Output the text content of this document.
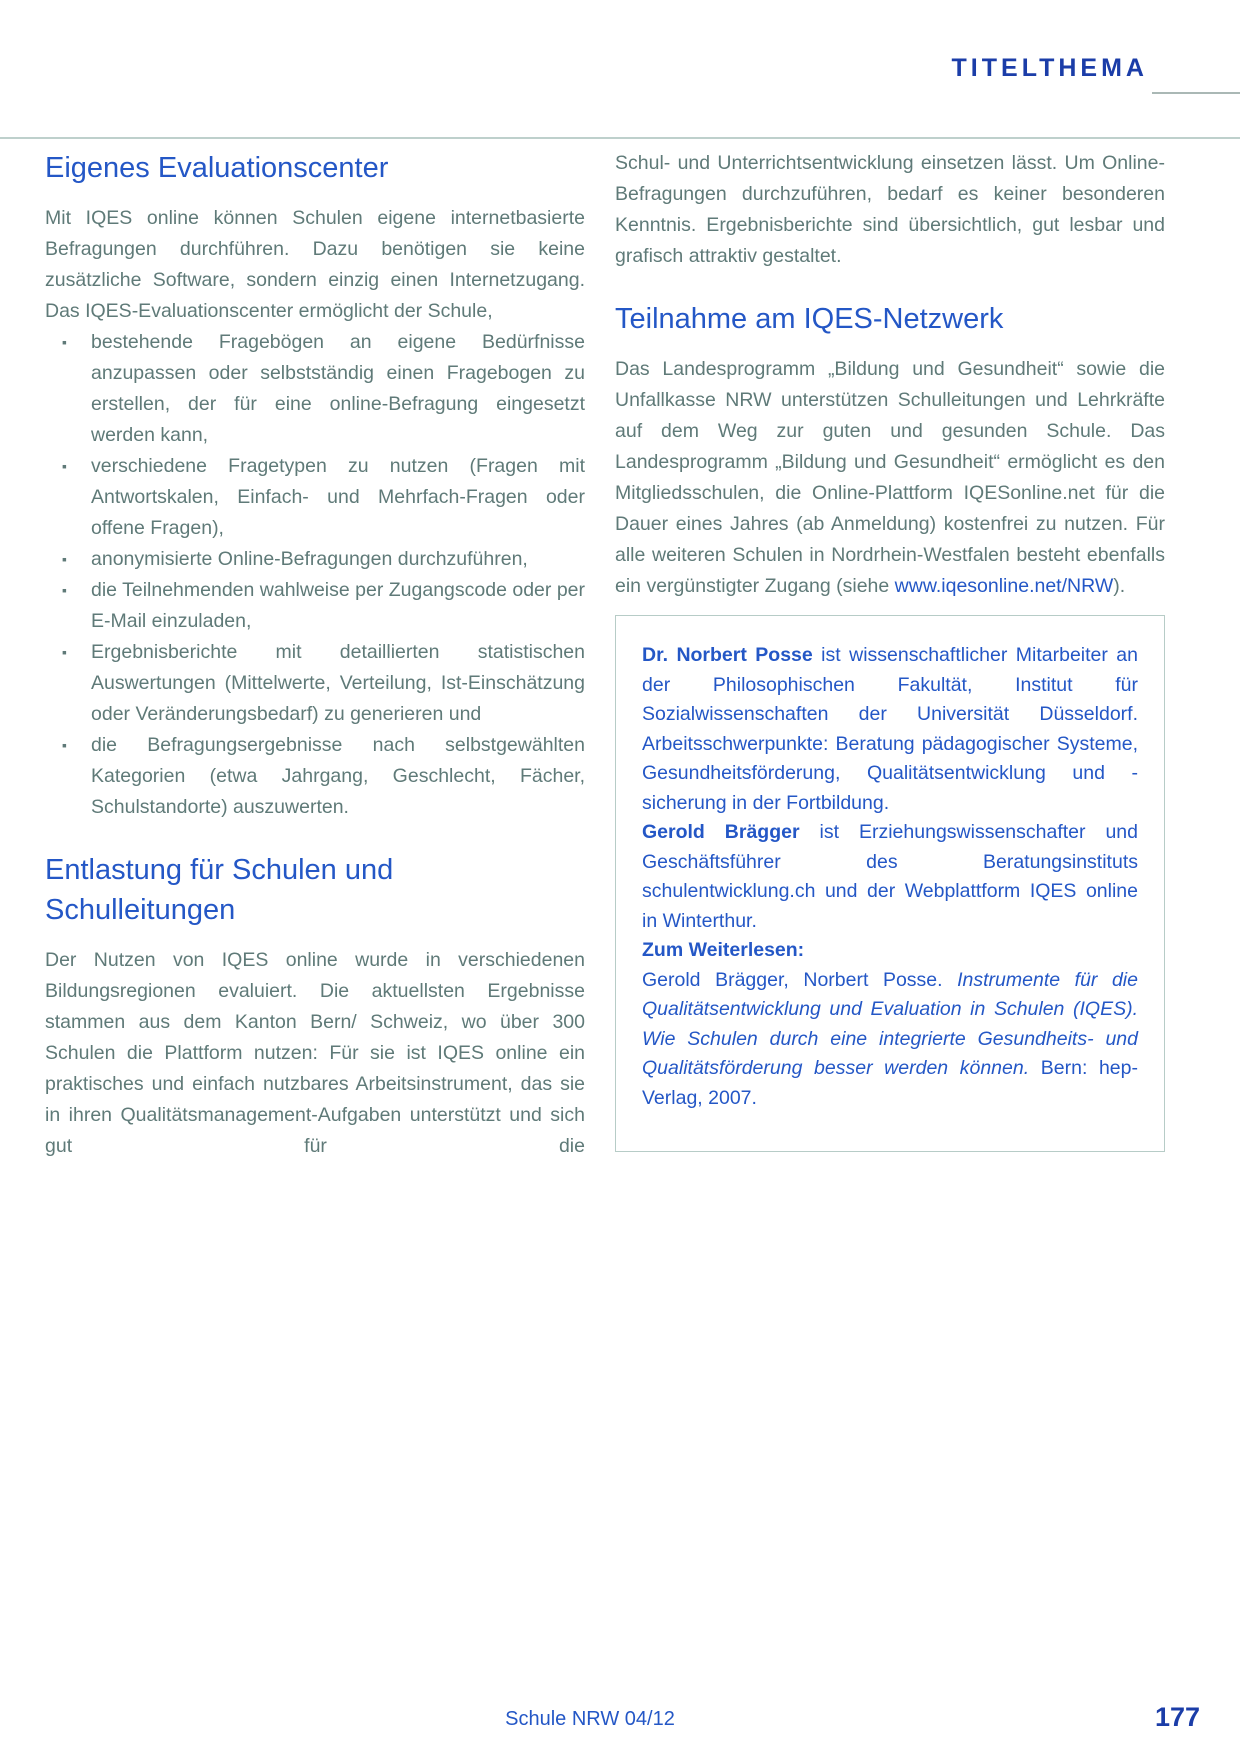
TITELTHEMA
Eigenes Evaluationscenter

Mit IQES online können Schulen eigene internetbasierte Befragungen durchführen. Dazu benötigen sie keine zusätzliche Software, sondern einzig einen Internetzugang. Das IQES-Evaluationscenter ermöglicht der Schule,

▪	bestehende Fragebögen an eigene Bedürfnisse anzupassen oder selbstständig einen Fragebogen zu erstellen, der für eine online-Befragung eingesetzt werden kann,
▪	verschiedene Fragetypen zu nutzen (Fragen mit Antwortskalen, Einfach- und Mehrfach-Fragen oder offene Fragen),
▪	anonymisierte Online-Befragungen durchzuführen,
▪	die Teilnehmenden wahlweise per Zugangscode oder per E-Mail einzuladen,
▪	Ergebnisberichte mit detaillierten statistischen Auswertungen (Mittelwerte, Verteilung, Ist-Einschätzung oder Veränderungsbedarf) zu generieren und
▪	die Befragungsergebnisse nach selbstgewählten Kategorien (etwa Jahrgang, Geschlecht, Fächer, Schulstandorte) auszuwerten.
Entlastung für Schulen und Schulleitungen

Der Nutzen von IQES online wurde in verschiedenen Bildungsregionen evaluiert. Die aktuellsten Ergebnisse stammen aus dem Kanton Bern/ Schweiz, wo über 300 Schulen die Plattform nutzen: Für sie ist IQES online ein praktisches und einfach nutzbares Arbeitsinstrument, das sie in ihren Qualitätsmanagement-Aufgaben unterstützt und sich gut für die

Schul- und Unterrichtsentwicklung einsetzen lässt. Um Online-Befragungen durchzuführen, bedarf es keiner besonderen Kenntnis. Ergebnisberichte sind übersichtlich, gut lesbar und grafisch attraktiv gestaltet.

Teilnahme am IQES-Netzwerk

Das Landesprogramm „Bildung und Gesundheit“ sowie die Unfallkasse NRW unterstützen Schulleitungen und Lehrkräfte auf dem Weg zur guten und gesunden Schule. Das Landesprogramm „Bildung und Gesundheit“ ermöglicht es den Mitgliedsschulen, die Online-Plattform IQESonline.net für die Dauer eines Jahres (ab Anmeldung) kostenfrei zu nutzen. Für alle weiteren Schulen in Nordrhein-Westfalen besteht ebenfalls ein vergünstigter Zugang (siehe www.iqesonline.net/NRW).

Dr. Norbert Posse ist wissenschaftlicher Mitarbeiter an der Philosophischen Fakultät, Institut für Sozialwissenschaften der Universität Düsseldorf. Arbeitsschwerpunkte: Beratung pädagogischer Systeme, Gesundheitsförderung, Qualitätsentwicklung und -sicherung in der Fortbildung.

Gerold Brägger ist Erziehungswissenschafter und Geschäftsführer des Beratungsinstituts schulentwicklung.ch und der Webplattform IQES online in Winterthur.

Zum Weiterlesen:

Gerold Brägger, Norbert Posse. Instrumente für die Qualitätsentwicklung und Evaluation in Schulen (IQES). Wie Schulen durch eine integrierte Gesundheits- und Qualitätsförderung besser werden können. Bern: hep-Verlag, 2007.

Schule NRW 04/12	177
